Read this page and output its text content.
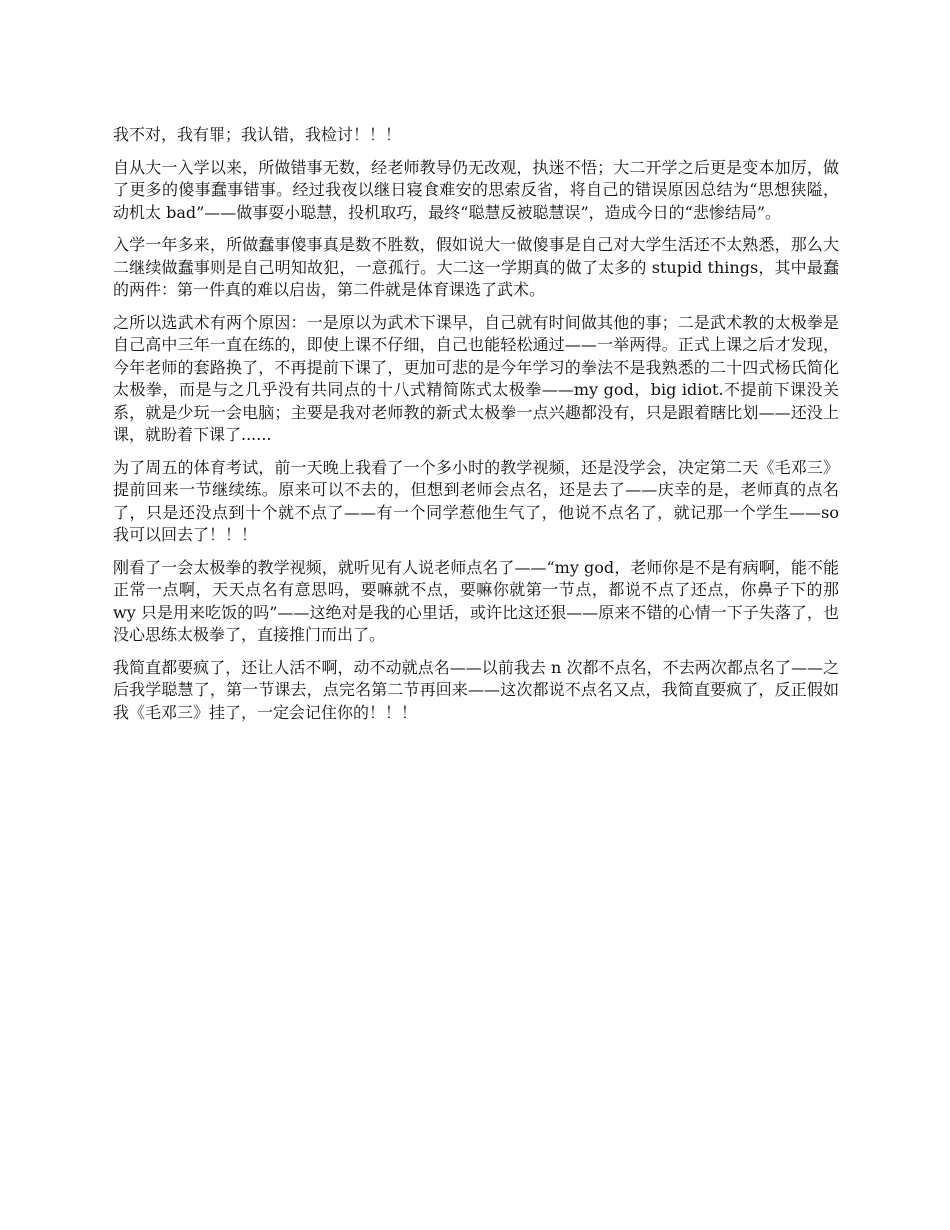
我不对，我有罪；我认错，我检讨！！！

自从大一入学以来，所做错事无数，经老师教导仍无改观，执迷不悟；大二开学之后更是变本加厉，做了更多的傻事蠢事错事。经过我夜以继日寝食难安的思索反省，将自己的错误原因总结为“思想狭隘，动机太 bad”——做事耍小聪慧，投机取巧，最终“聪慧反被聪慧误”，造成今日的“悲惨结局”。

入学一年多来，所做蠢事傻事真是数不胜数，假如说大一做傻事是自己对大学生活还不太熟悉，那么大二继续做蠢事则是自己明知故犯，一意孤行。大二这一学期真的做了太多的 stupid things，其中最蠢的两件：第一件真的难以启齿，第二件就是体育课选了武术。

之所以选武术有两个原因：一是原以为武术下课早，自己就有时间做其他的事；二是武术教的太极拳是自己高中三年一直在练的，即使上课不仔细，自己也能轻松通过——一举两得。正式上课之后才发现，今年老师的套路换了，不再提前下课了，更加可悲的是今年学习的拳法不是我熟悉的二十四式杨氏简化太极拳，而是与之几乎没有共同点的十八式精简陈式太极拳——my god，big idiot.不提前下课没关系，就是少玩一会电脑；主要是我对老师教的新式太极拳一点兴趣都没有，只是跟着瞎比划——还没上课，就盼着下课了......

为了周五的体育考试，前一天晚上我看了一个多小时的教学视频，还是没学会，决定第二天《毛邓三》提前回来一节继续练。原来可以不去的，但想到老师会点名，还是去了——庆幸的是，老师真的点名了，只是还没点到十个就不点了——有一个同学惹他生气了，他说不点名了，就记那一个学生——so 我可以回去了！！！

刚看了一会太极拳的教学视频，就听见有人说老师点名了——“my god，老师你是不是有病啊，能不能正常一点啊，天天点名有意思吗，要嘛就不点，要嘛你就第一节点，都说不点了还点，你鼻子下的那 wy 只是用来吃饭的吗”——这绝对是我的心里话，或许比这还狠——原来不错的心情一下子失落了，也没心思练太极拳了，直接推门而出了。

我简直都要疯了，还让人活不啊，动不动就点名——以前我去 n 次都不点名，不去两次都点名了——之后我学聪慧了，第一节课去，点完名第二节再回来——这次都说不点名又点，我简直要疯了，反正假如我《毛邓三》挂了，一定会记住你的！！！
